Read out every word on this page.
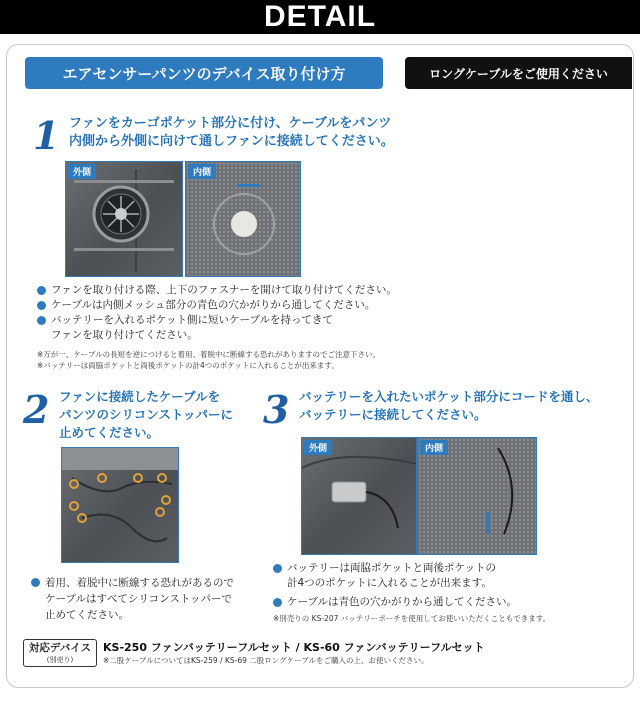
DETAIL
エアセンサーパンツのデバイス取り付け方	ロングケーブルをご使用ください
1 ファンをカーゴポケット部分に付け、ケーブルをパンツ
内側から外側に向けて通しファンに接続してください。
外側	内側
ファンを取り付ける際、上下のファスナーを開けて取り付けてください。
ケーブルは内側メッシュ部分の青色の穴かがりから通してください。
バッテリーを入れるポケット側に短いケーブルを持ってきて
ファンを取り付けてください。
※万が一、ケーブルの長短を逆につけると着用、着脱中に断線する恐れがありますのでご注意下さい。
※バッテリーは両脇ポケットと両後ポケットの計4つのポケットに入れることが出来ます。
2 ファンに接続したケーブルを
パンツのシリコンストッパーに
止めてください。
着用、着脱中に断線する恐れがあるので
ケーブルはすべてシリコンストッパーで
止めてください。
3 バッテリーを入れたいポケット部分にコードを通し、
バッテリーに接続してください。
外側	内側
バッテリーは両脇ポケットと両後ポケットの
計4つのポケットに入れることが出来ます。
ケーブルは青色の穴かがりから通してください。
※別売りの KS-207 バッテリーポーチを使用してお使いいただくこともできます。
対応デバイス
(別売り)
KS-250 ファンバッテリーフルセット / KS-60 ファンバッテリーフルセット
※二股ケーブルについてはKS-259 / KS-69 二股ロングケーブルをご購入の上、お使いください。
